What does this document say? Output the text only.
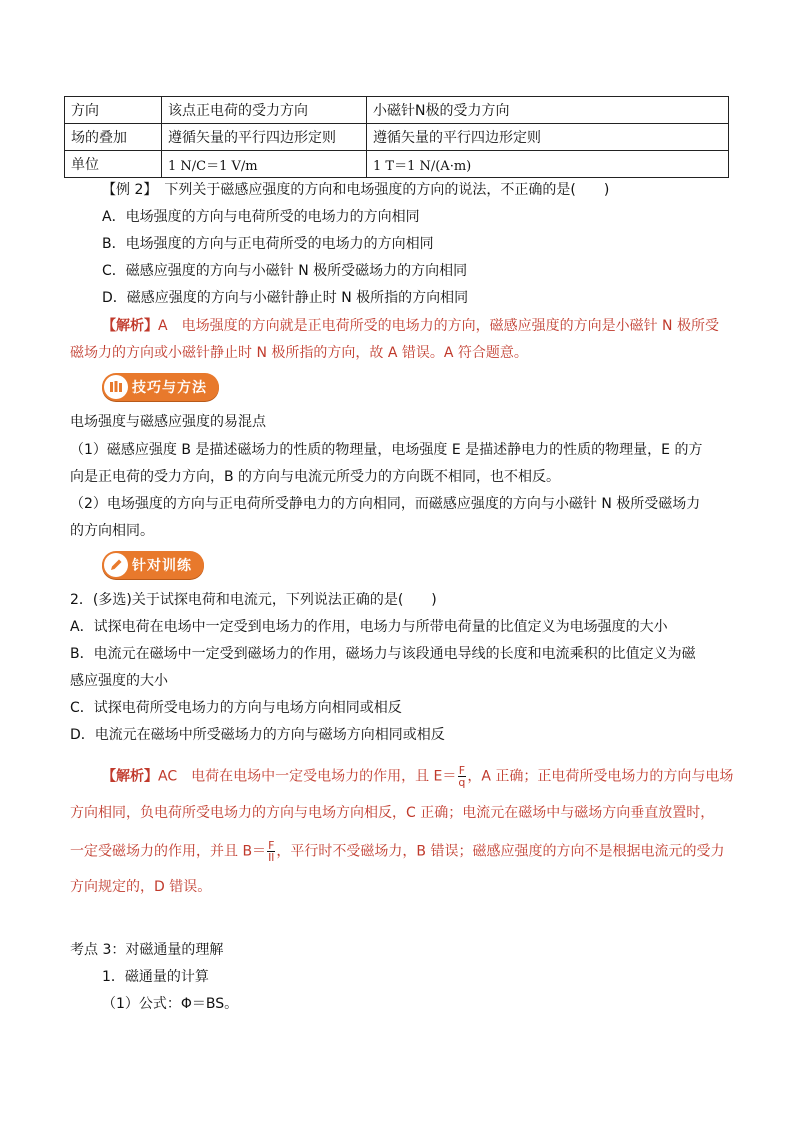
方向	该点正电荷的受力方向	小磁针N极的受力方向
场的叠加	遵循矢量的平行四边形定则	遵循矢量的平行四边形定则
单位	1 N/C＝1 V/m	1 T＝1 N/(A·m)
【例 2】　 下列关于磁感应强度的方向和电场强度的方向的说法，不正确的是(　　)
A．电场强度的方向与电荷所受的电场力的方向相同
B．电场强度的方向与正电荷所受的电场力的方向相同
C．磁感应强度的方向与小磁针 N 极所受磁场力的方向相同
D．磁感应强度的方向与小磁针静止时 N 极所指的方向相同
【解析】A　电场强度的方向就是正电荷所受的电场力的方向，磁感应强度的方向是小磁针 N 极所受
磁场力的方向或小磁针静止时 N 极所指的方向，故 A 错误。A 符合题意。
技巧与方法
电场强度与磁感应强度的易混点
（1）磁感应强度 B 是描述磁场力的性质的物理量，电场强度 E 是描述静电力的性质的物理量，E 的方
向是正电荷的受力方向，B 的方向与电流元所受力的方向既不相同，也不相反。
（2）电场强度的方向与正电荷所受静电力的方向相同，而磁感应强度的方向与小磁针 N 极所受磁场力
的方向相同。
针对训练
2．(多选)关于试探电荷和电流元，下列说法正确的是(　　)
A．试探电荷在电场中一定受到电场力的作用，电场力与所带电荷量的比值定义为电场强度的大小
B．电流元在磁场中一定受到磁场力的作用，磁场力与该段通电导线的长度和电流乘积的比值定义为磁
感应强度的大小
C．试探电荷所受电场力的方向与电场方向相同或相反
D．电流元在磁场中所受磁场力的方向与磁场方向相同或相反
【解析】AC　电荷在电场中一定受电场力的作用，且 $E= \frac{F}{q}$ ，A 正确；正电荷所受电场力的方向与电场
方向相同，负电荷所受电场力的方向与电场方向相反，C 正确；电流元在磁场中与磁场方向垂直放置时，
一定受磁场力的作用，并且 $B= \frac{F}{Il}$ ，平行时不受磁场力，B 错误；磁感应强度的方向不是根据电流元的受力
方向规定的，D 错误。
考点 3：对磁通量的理解
1．磁通量的计算
（1）公式：Φ＝BS。
